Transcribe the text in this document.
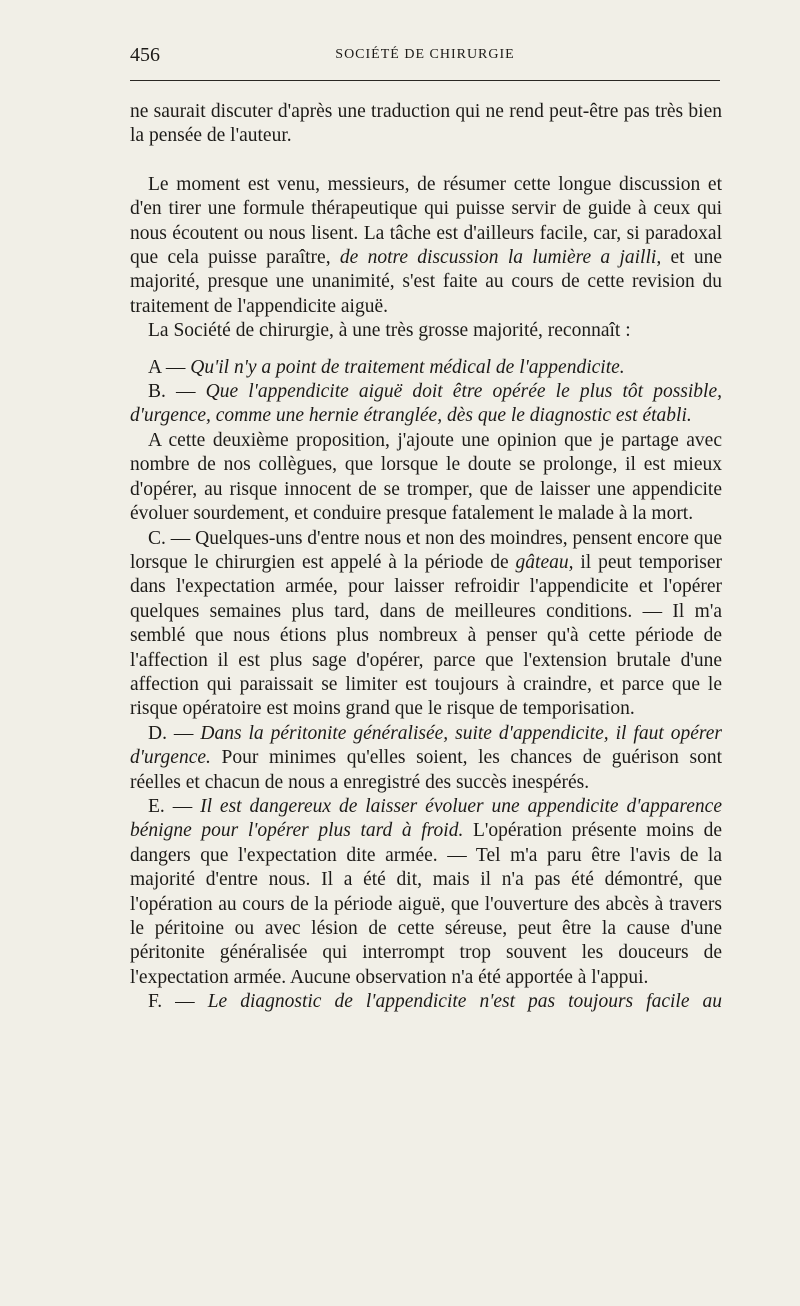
456	SOCIÉTÉ DE CHIRURGIE

ne saurait discuter d'après une traduction qui ne rend peut-être pas très bien la pensée de l'auteur.

Le moment est venu, messieurs, de résumer cette longue discussion et d'en tirer une formule thérapeutique qui puisse servir de guide à ceux qui nous écoutent ou nous lisent. La tâche est d'ailleurs facile, car, si paradoxal que cela puisse paraître, de notre discussion la lumière a jailli, et une majorité, presque une unanimité, s'est faite au cours de cette revision du traitement de l'appendicite aiguë.

La Société de chirurgie, à une très grosse majorité, reconnaît :

A — Qu'il n'y a point de traitement médical de l'appendicite.

B. — Que l'appendicite aiguë doit être opérée le plus tôt possible, d'urgence, comme une hernie étranglée, dès que le diagnostic est établi.

A cette deuxième proposition, j'ajoute une opinion que je partage avec nombre de nos collègues, que lorsque le doute se prolonge, il est mieux d'opérer, au risque innocent de se tromper, que de laisser une appendicite évoluer sourdement, et conduire presque fatalement le malade à la mort.

C. — Quelques-uns d'entre nous et non des moindres, pensent encore que lorsque le chirurgien est appelé à la période de gâteau, il peut temporiser dans l'expectation armée, pour laisser refroidir l'appendicite et l'opérer quelques semaines plus tard, dans de meilleures conditions. — Il m'a semblé que nous étions plus nombreux à penser qu'à cette période de l'affection il est plus sage d'opérer, parce que l'extension brutale d'une affection qui paraissait se limiter est toujours à craindre, et parce que le risque opératoire est moins grand que le risque de temporisation.

D. — Dans la péritonite généralisée, suite d'appendicite, il faut opérer d'urgence. Pour minimes qu'elles soient, les chances de guérison sont réelles et chacun de nous a enregistré des succès inespérés.

E. — Il est dangereux de laisser évoluer une appendicite d'apparence bénigne pour l'opérer plus tard à froid. L'opération présente moins de dangers que l'expectation dite armée. — Tel m'a paru être l'avis de la majorité d'entre nous. Il a été dit, mais il n'a pas été démontré, que l'opération au cours de la période aiguë, que l'ouverture des abcès à travers le péritoine ou avec lésion de cette séreuse, peut être la cause d'une péritonite généralisée qui interrompt trop souvent les douceurs de l'expectation armée. Aucune observation n'a été apportée à l'appui.

F. — Le diagnostic de l'appendicite n'est pas toujours facile au
